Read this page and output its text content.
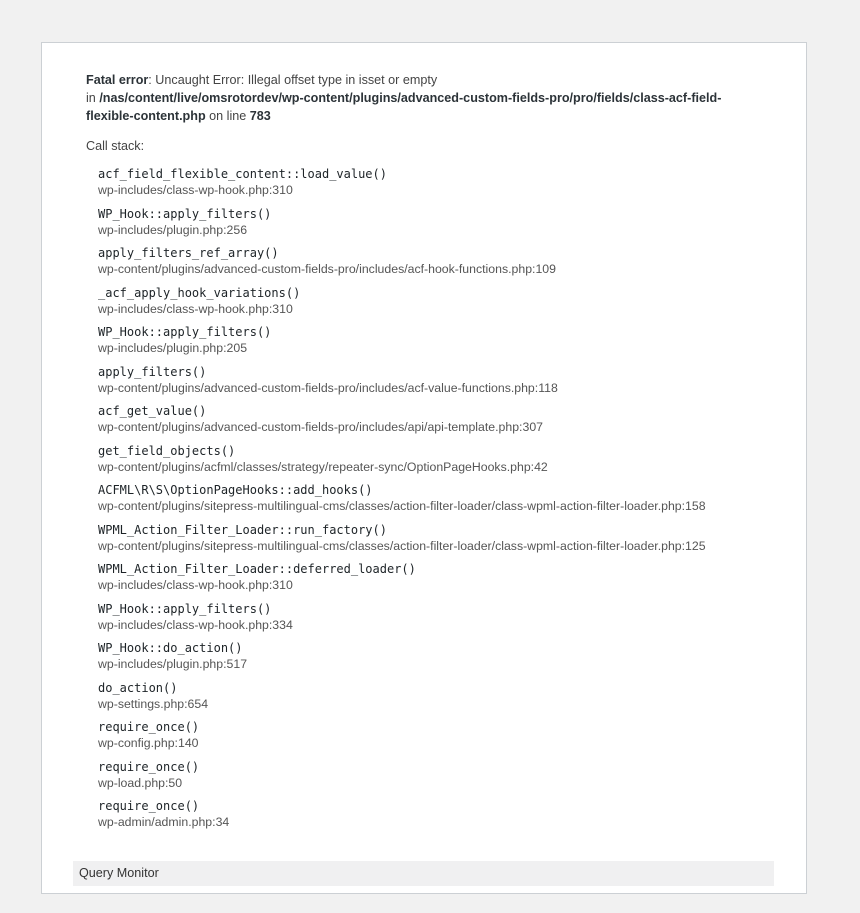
Fatal error: Uncaught Error: Illegal offset type in isset or empty
in /nas/content/live/omsrotordev/wp-content/plugins/advanced-custom-fields-pro/pro/fields/class-acf-field-flexible-content.php on line 783
Call stack:
acf_field_flexible_content::load_value()
wp-includes/class-wp-hook.php:310
WP_Hook::apply_filters()
wp-includes/plugin.php:256
apply_filters_ref_array()
wp-content/plugins/advanced-custom-fields-pro/includes/acf-hook-functions.php:109
_acf_apply_hook_variations()
wp-includes/class-wp-hook.php:310
WP_Hook::apply_filters()
wp-includes/plugin.php:205
apply_filters()
wp-content/plugins/advanced-custom-fields-pro/includes/acf-value-functions.php:118
acf_get_value()
wp-content/plugins/advanced-custom-fields-pro/includes/api/api-template.php:307
get_field_objects()
wp-content/plugins/acfml/classes/strategy/repeater-sync/OptionPageHooks.php:42
ACFML\R\S\OptionPageHooks::add_hooks()
wp-content/plugins/sitepress-multilingual-cms/classes/action-filter-loader/class-wpml-action-filter-loader.php:158
WPML_Action_Filter_Loader::run_factory()
wp-content/plugins/sitepress-multilingual-cms/classes/action-filter-loader/class-wpml-action-filter-loader.php:125
WPML_Action_Filter_Loader::deferred_loader()
wp-includes/class-wp-hook.php:310
WP_Hook::apply_filters()
wp-includes/class-wp-hook.php:334
WP_Hook::do_action()
wp-includes/plugin.php:517
do_action()
wp-settings.php:654
require_once()
wp-config.php:140
require_once()
wp-load.php:50
require_once()
wp-admin/admin.php:34
Query Monitor
